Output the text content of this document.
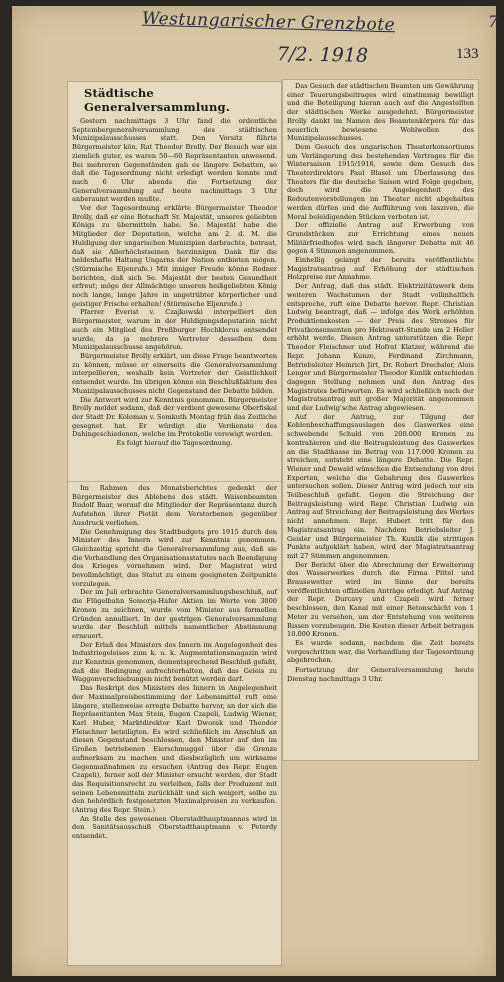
Westungarischer Grenzbote
7/2. 1918
7
133
Städtische Generalversammlung.

Gestern nachmittags 3 Uhr fand die ordentliche Septembergeneralversammlung des städtischen Munizipalausschusses statt. Den Vorsitz führte Bürgermeister kön. Rat Theodor Brolly. Der Besuch war ein ziemlich guter, es waren 50—60 Repräsentanten anwesend. Bei mehreren Gegenständen gab es längere Debatten, so daß die Tagesordnung nicht erledigt werden konnte und nach 6 Uhr abends die Fortsetzung der Generalversammlung auf heute nachmittags 3 Uhr anberaumt werden mußte.

Vor der Tagesordnung erklärte Bürgermeister Theodor Brolly, daß er eine Botschaft Sr. Majestät, unseres geliebten Königs zu übermitteln habe. Se. Majestät habe die Mitglieder der Deputation, welche am 2. d. M. die Huldigung der ungarischen Munizipien darbrachte, betraut, daß sie Allerhöchstseinen herzinnigen Dank für die heldenhafte Haltung Ungarns der Nation entbieten mögen. (Stürmische Eljenrufe.) Mit inniger Freude könne Redner berichten, daß sich Se. Majestät der besten Gesundheit erfreut; möge der Allmächtige unseren heißgeliebten König noch lange, lange Jahre in ungetrübter körperlicher und geistiger Frische erhalten! (Stürmische Eljenrufe.)

Pfarrer Everist v. Czajkowski interpelliert den Bürgermeister, warum in der Huldigungsdeputation nicht auch ein Mitglied des Preßburger Hochklerus entsendet wurde, da ja mehrere Vertreter desselben dem Munizipalausschusse angehören.

Bürgermeister Brolly erklärt, um diese Frage beantworten zu können, müsse er einerseits die Generalversammlung interpellieren, weshalb kein Vertreter der Geistlichkeit entsendet wurde. Im übrigen könne ein Beschlußfaktum des Munizipalausschusses nicht Gegenstand der Debatte bilden.

Die Antwort wird zur Kenntnis genommen. Bürgermeister Brolly meldet sodann, daß der verdient gewesene Oberfiskal der Stadt Dr. Koloman v. Somkuth Montag früh das Zeitliche gesegnet hat. Er würdigt die Verdienste des Dahingeschiedenen, welche im Protokolle verewigt werden.

Es folgt hierauf die Tagesordnung.

Im Rahmen des Monatsberichtes gedenkt der Bürgermeister des Ablebens des städt. Waisenbeamten Rudolf Baar, worauf die Mitglieder der Repräsentanz durch Aufstehen ihrer Pietät dem Verstorbenen gegenüber Ausdruck verliehen.

Die Genehmigung des Stadtbudgets pro 1915 durch den Minister des Innern wird zur Kenntnis genommen. Gleichzeitig spricht die Generalversammlung aus, daß sie die Verhandlung des Organisationsstatutes nach Beendigung des Krieges vornehmen wird. Der Magistrat wird bevollmächtigt, das Statut zu einem geeigneten Zeitpunkte vorzulegen.

Der im Juli erbrachte Generalversammlungsbeschluß, auf die Flügelbahn Somorja-Hafer Aktien im Werte von 3000 Kronen zu zeichnen, wurde vom Minister aus formellen Gründen annulliert. In der gestrigen Generalversammlung wurde der Beschluß mittels namentlicher Abstimmung erneuert.

Der Erlaß des Ministers des Innern im Angelegenheit des Industriegeleises zum k. u. k. Augmentationsmagazin wird zur Kenntnis genommen, dementsprechend Beschluß gefaßt, daß die Bedingung aufrechterhalten, daß das Geleis zu Waggonverschiebungen nicht benützt werden darf.

Das Reskript des Ministers des Innern in Angelegenheit der Maximalpreisbestimmung der Lebensmittel ruft eine längere, stellenweise erregte Debatte hervor, an der sich die Repräsentanten Max Stein, Eugen Czapeli, Ludwig Wiener, Karl Huber, Marktdirektor Karl Dworak und Theodor Fleischner beteiligten. Es wird schließlich im Anschluß an diesen Gegenstand beschlossen, den Minister auf den im Großen betriebenen Eierschmuggel über die Grenze aufmerksam zu machen und diesbezüglich um wirksame Gegenmaßnahmen zu ersuchen (Antrag des Repr. Eugen Czapeli), ferner soll der Minister ersucht werden, der Stadt das Requisitionsrecht zu verleihen, falls der Produzent mit seinen Lebensmitteln zurückhält und sich weigert, selbe zu den behördlich festgesetzten Maximalpreisen zu verkaufen. (Antrag des Repr. Stein.)

An Stelle des gewesenen Oberstadthauptmannes wird in den Sanitätsausschuß Oberstadthauptmann v. Peterdy entsendet.

Das Gesuch der städtischen Beamten um Gewährung einer Teuerungsbeitrages wird einstimmig bewilligt und die Beteiligung hieran auch auf die Angestellten der städtischen Werke ausgedehnt. Bürgermeister Brolly dankt im Namen des Beamtenkörpers für das neuerlich bewiesene Wohlwollen des Munizipalausschusses.

Dem Gesuch des ungarischen Theaterkonsortiums um Verlängerung des bestehenden Vertrages für die Wintersaison 1915/1916, sowie dem Gesuch des Theaterdirektors Paul Blasel um Überlassung des Theaters für die deutsche Saison wird Folge gegeben, doch wird die Angelegenheit des Redoutenvorstellungen im Theater nicht abgehalten werden dürfen und die Aufführung von lasziven, die Moral beleidigenden Stücken verboten ist.

Der offizielle Antrag auf Erwerbung von Grundstücken zur Errichtung eines neuen Militärfriedhofes wird nach längerer Debatte mit 46 gegen 4 Stimmen angenommen.

Einhellig gelangt der bereits veröffentlichte Magistratsantrag auf Erhöhung der städtischen Holzpreise zur Annahme.

Der Antrag, daß das städt. Elektrizitätswerk dem weiteren Wachstumen der Stadt vollinhaltlich entspreche, ruft eine Debatte hervor. Repr. Christian Ludwig beantragt, daß — infolge des Werk erhöhten Produktionskosten — der Preis des Stromes für Privatkonsumenten pro Hektowatt-Stunde um 2 Heller erhöht werde. Diesen Antrag unterstützen die Repr. Theodor Fleischner und Hofrat Klatzer, während die Repr. Johann Kunze, Ferdinand Zirchmann, Betriebsleiter Heinrich Jirt, Dr. Robert Drechsler, Alois Lenger und Bürgermeister Theodor Kunlik entschieden dagegen Stellung nehmen und den Antrag des Magistrates befürworten. Es wird schließlich nach der Magistratsantrag mit großer Majorität angenommen und der Ludwig'sche Antrag abgewiesen.

Auf der Antrag, zur Tilgung der Kohlenbeschaffungsauslagen des Gaswerkes eine schwebende Schuld von 200.000 Kronen zu kontrahieren und die Beitragsleistung des Gaswerkes an die Stadtkasse im Betrag von 117.000 Kronen zu streichen, entsteht eine längere Debatte. Die Repr. Wiener und Dewald wünschen die Entsendung von drei Experten, welche die Gebahrung des Gaswerkes untersuchen sollen. Dieser Antrag wird jedoch nur ein Teilbeschluß gefaßt. Gegen die Streichung der Beitragsleistung wird Repr. Christian Ludwig ein Antrag auf Streichung der Beitragsleistung des Werkes nicht annehmen. Repr. Hubert tritt für den Magistratsantrag ein. Nachdem Betriebsleiter J. Geisler und Bürgermeister Th. Kunlik die strittigen Punkte aufgeklärt haben, wird der Magistratsantrag mit 27 Stimmen angenommen.

Der Bericht über die Abrechnung der Erweiterung des Wasserwerkes durch die Firma Pittel und Brausewetter wird im Sinne der bereits veröffentlichten offiziellen Anträge erledigt. Auf Antrag der Repr. Durcavy und Czapeli wird ferner beschlossen, den Kanal mit einer Betonschicht von 1 Meter zu versehen, um der Entstehung von weiteren Rissen vorzubeugen. Die Kosten dieser Arbeit betragen 10.000 Kronen.

Es wurde sodann, nachdem die Zeit bereits vorgeschritten war, die Verhandlung der Tagesordnung abgebrochen.

Fortsetzung der Generalversammlung heute Dienstag nachmittags 3 Uhr.
